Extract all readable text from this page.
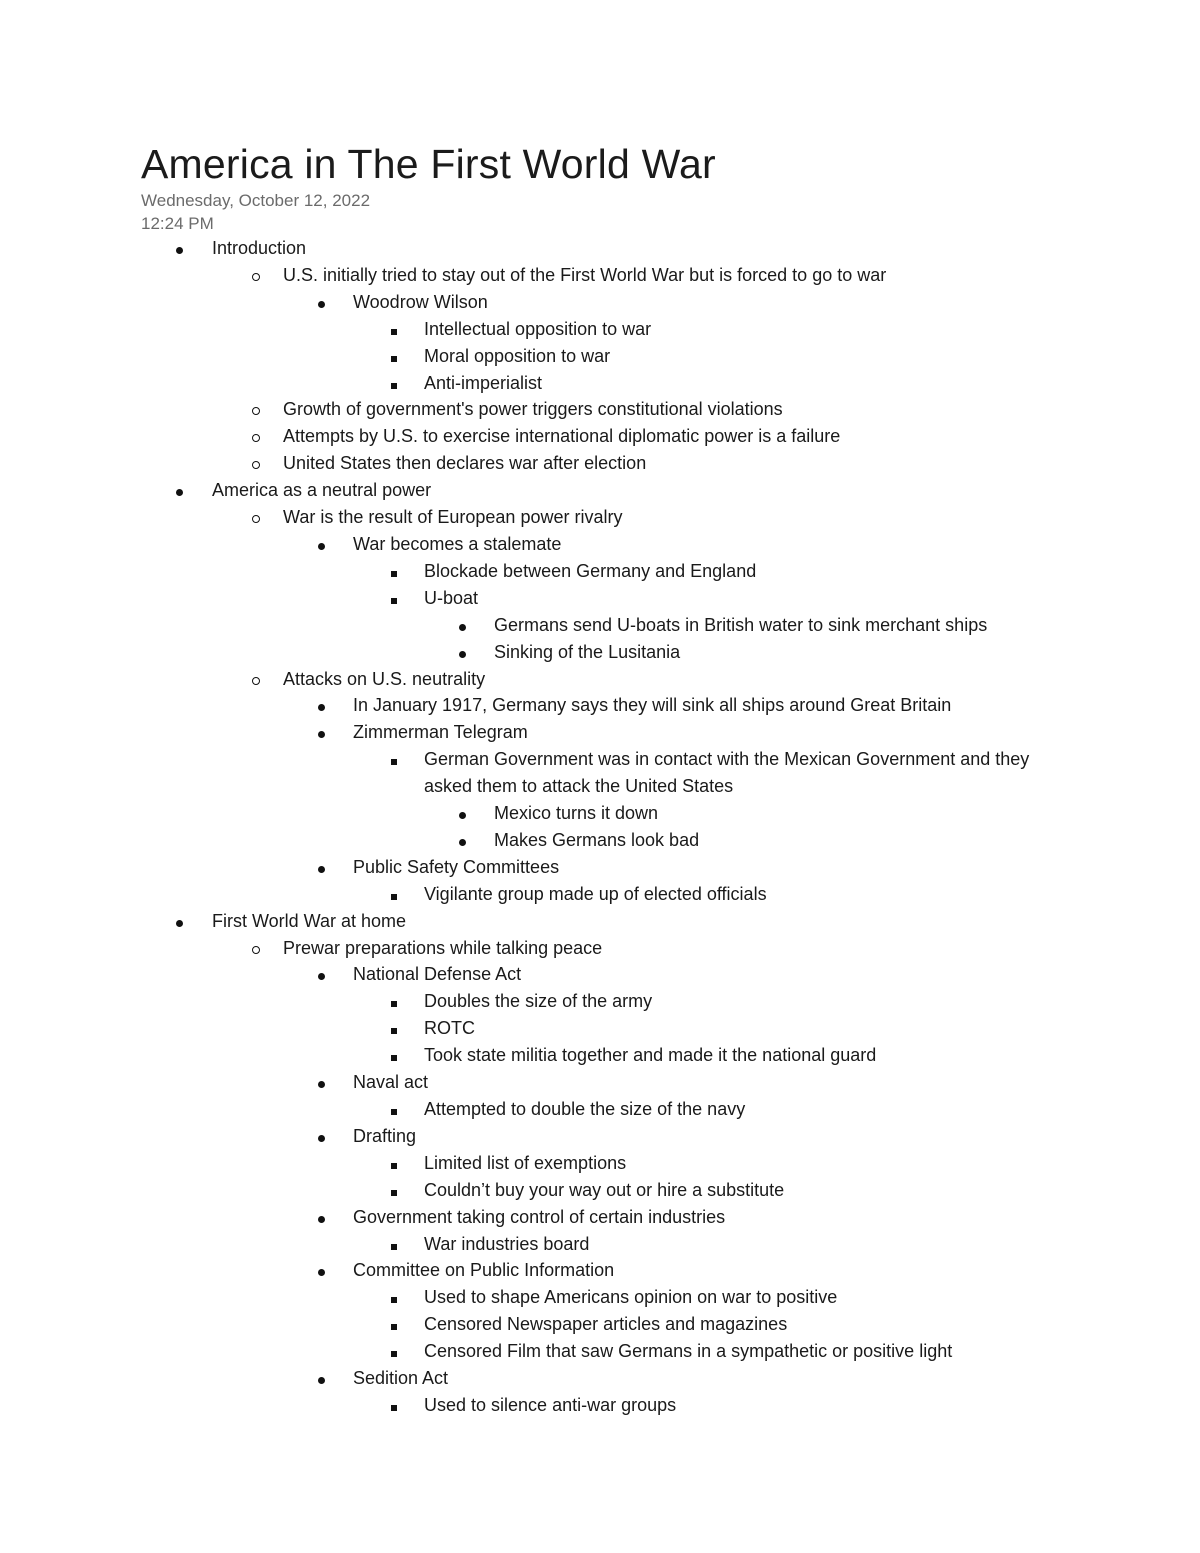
America in The First World War
Wednesday, October 12, 2022
12:24 PM
Introduction
U.S. initially tried to stay out of the First World War but is forced to go to war
Woodrow Wilson
Intellectual opposition to war
Moral opposition to war
Anti-imperialist
Growth of government's power triggers constitutional violations
Attempts by U.S. to exercise international diplomatic power is a failure
United States then declares war after election
America as a neutral power
War is the result of European power rivalry
War becomes a stalemate
Blockade between Germany and England
U-boat
Germans send U-boats in British water to sink merchant ships
Sinking of the Lusitania
Attacks on U.S. neutrality
In January 1917, Germany says they will sink all ships around Great Britain
Zimmerman Telegram
German Government was in contact with the Mexican Government and they asked them to attack the United States
Mexico turns it down
Makes Germans look bad
Public Safety Committees
Vigilante group made up of elected officials
First World War at home
Prewar preparations while talking peace
National Defense Act
Doubles the size of the army
ROTC
Took state militia together and made it the national guard
Naval act
Attempted to double the size of the navy
Drafting
Limited list of exemptions
Couldn’t buy your way out or hire a substitute
Government taking control of certain industries
War industries board
Committee on Public Information
Used to shape Americans opinion on war to positive
Censored Newspaper articles and magazines
Censored Film that saw Germans in a sympathetic or positive light
Sedition Act
Used to silence anti-war groups
